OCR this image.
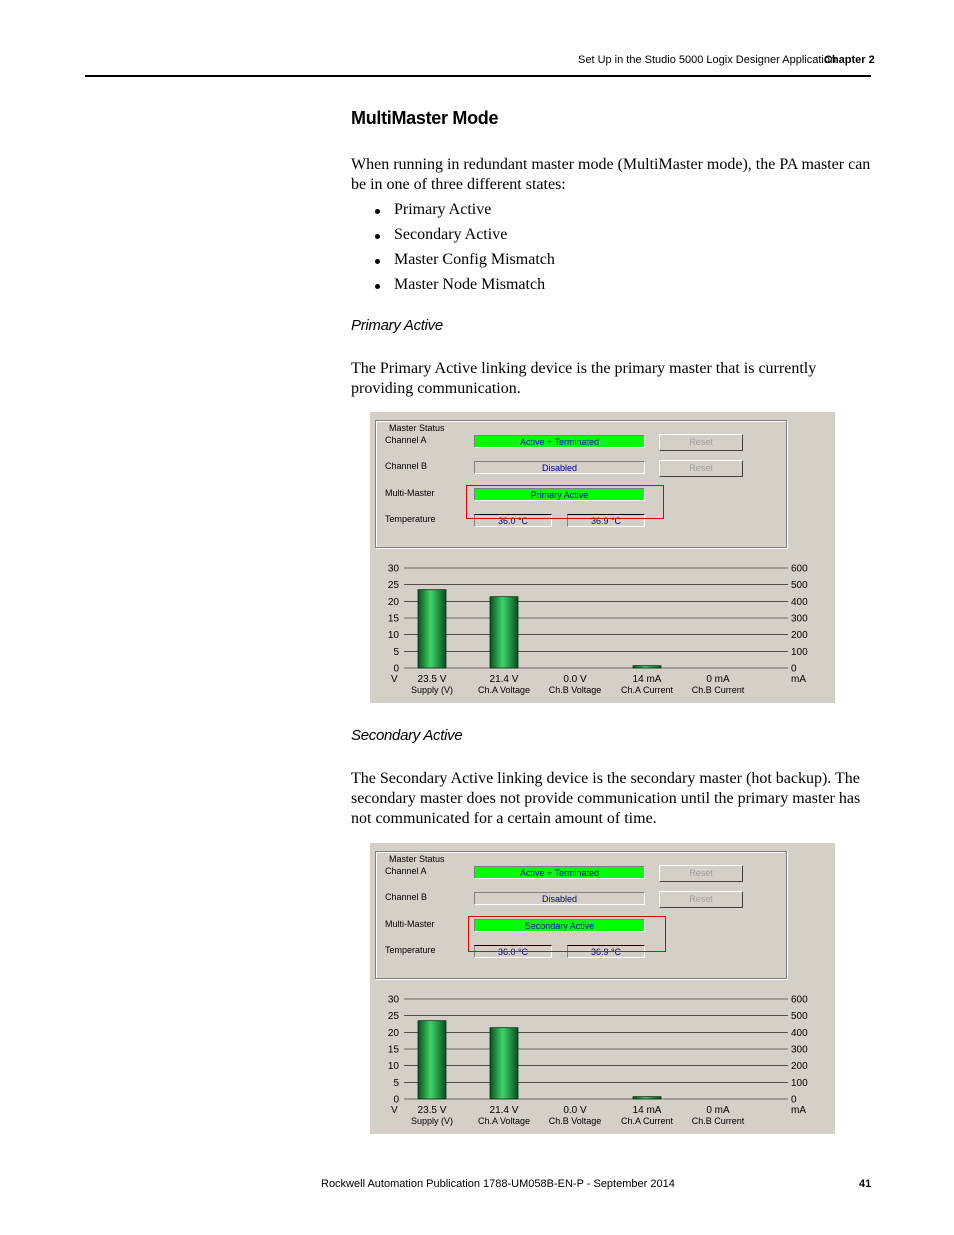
Set Up in the Studio 5000 Logix Designer Application
Chapter 2
MultiMaster Mode
When running in redundant master mode (MultiMaster mode), the PA master can be in one of three different states:
Primary Active
Secondary Active
Master Config Mismatch
Master Node Mismatch
Primary Active
The Primary Active linking device is the primary master that is currently providing communication.
Master Status
Channel A
Channel B
Multi-Master
Temperature
Active + Terminated
Disabled
Primary Active
36.0 °C	36.9 °C
Reset
Reset
30	600
25	500
20	400
15	300
10	200
5	100
0	0
V	mA
23.5 V
Supply (V)
21.4 V
Ch.A Voltage
0.0 V
Ch.B Voltage
14 mA
Ch.A Current
0 mA
Ch.B Current
Secondary Active
The Secondary Active linking device is the secondary master (hot backup). The secondary master does not provide communication until the primary master has not communicated for a certain amount of time.
Master Status
Channel A
Channel B
Multi-Master
Temperature
Active + Terminated
Disabled
Secondary Active
36.0 °C	36.9 °C
Reset
Reset
30	600
25	500
20	400
15	300
10	200
5	100
0	0
V	mA
23.5 V
Supply (V)
21.4 V
Ch.A Voltage
0.0 V
Ch.B Voltage
14 mA
Ch.A Current
0 mA
Ch.B Current
Rockwell Automation Publication 1788-UM058B-EN-P - September 2014	41
